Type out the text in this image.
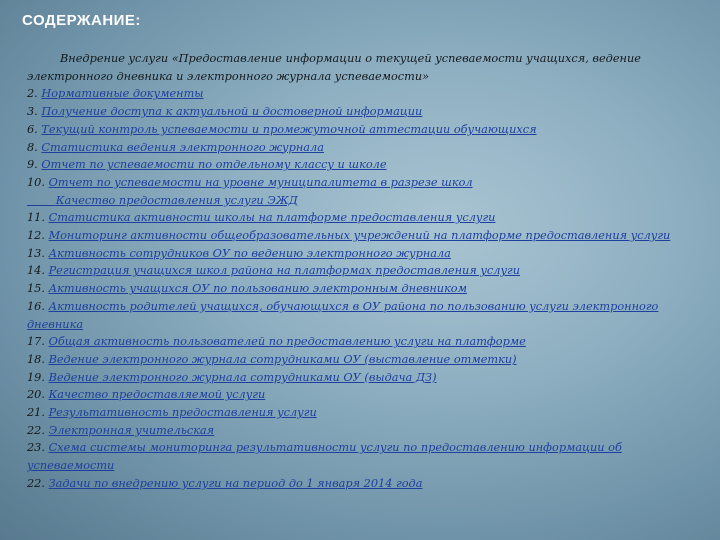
СОДЕРЖАНИЕ:

Внедрение услуги «Предоставление информации о текущей успеваемости учащихся, ведение электронного дневника и электронного журнала успеваемости»

2. Нормативные документы

3. Получение доступа к актуальной и достоверной информации

6. Текущий контроль успеваемости и промежуточной аттестации обучающихся

8. Статистика ведения электронного журнала

9. Отчет по успеваемости по отдельному классу и школе

10. Отчет по успеваемости на уровне муниципалитета в разрезе школ

Качество предоставления услуги ЭЖД

11. Статистика активности школы на платформе предоставления услуги

12. Мониторинг активности общеобразовательных учреждений на платформе предоставления услуги

13. Активность сотрудников ОУ по ведению электронного журнала

14. Регистрация учащихся школ района на платформах предоставления услуги

15. Активность учащихся ОУ по пользованию электронным дневником

16. Активность родителей учащихся, обучающихся в ОУ района по пользованию услуги электронного дневника

17. Общая активность пользователей по предоставлению услуги на платформе

18. Ведение электронного журнала сотрудниками ОУ (выставление отметки)

19. Ведение электронного журнала сотрудниками ОУ (выдача ДЗ)

20. Качество предоставляемой услуги

21. Результативность предоставления услуги

22. Электронная учительская

23. Схема системы мониторинга результативности услуги по предоставлению информации об успеваемости

22. Задачи по внедрению услуги на период до 1 января 2014 года
